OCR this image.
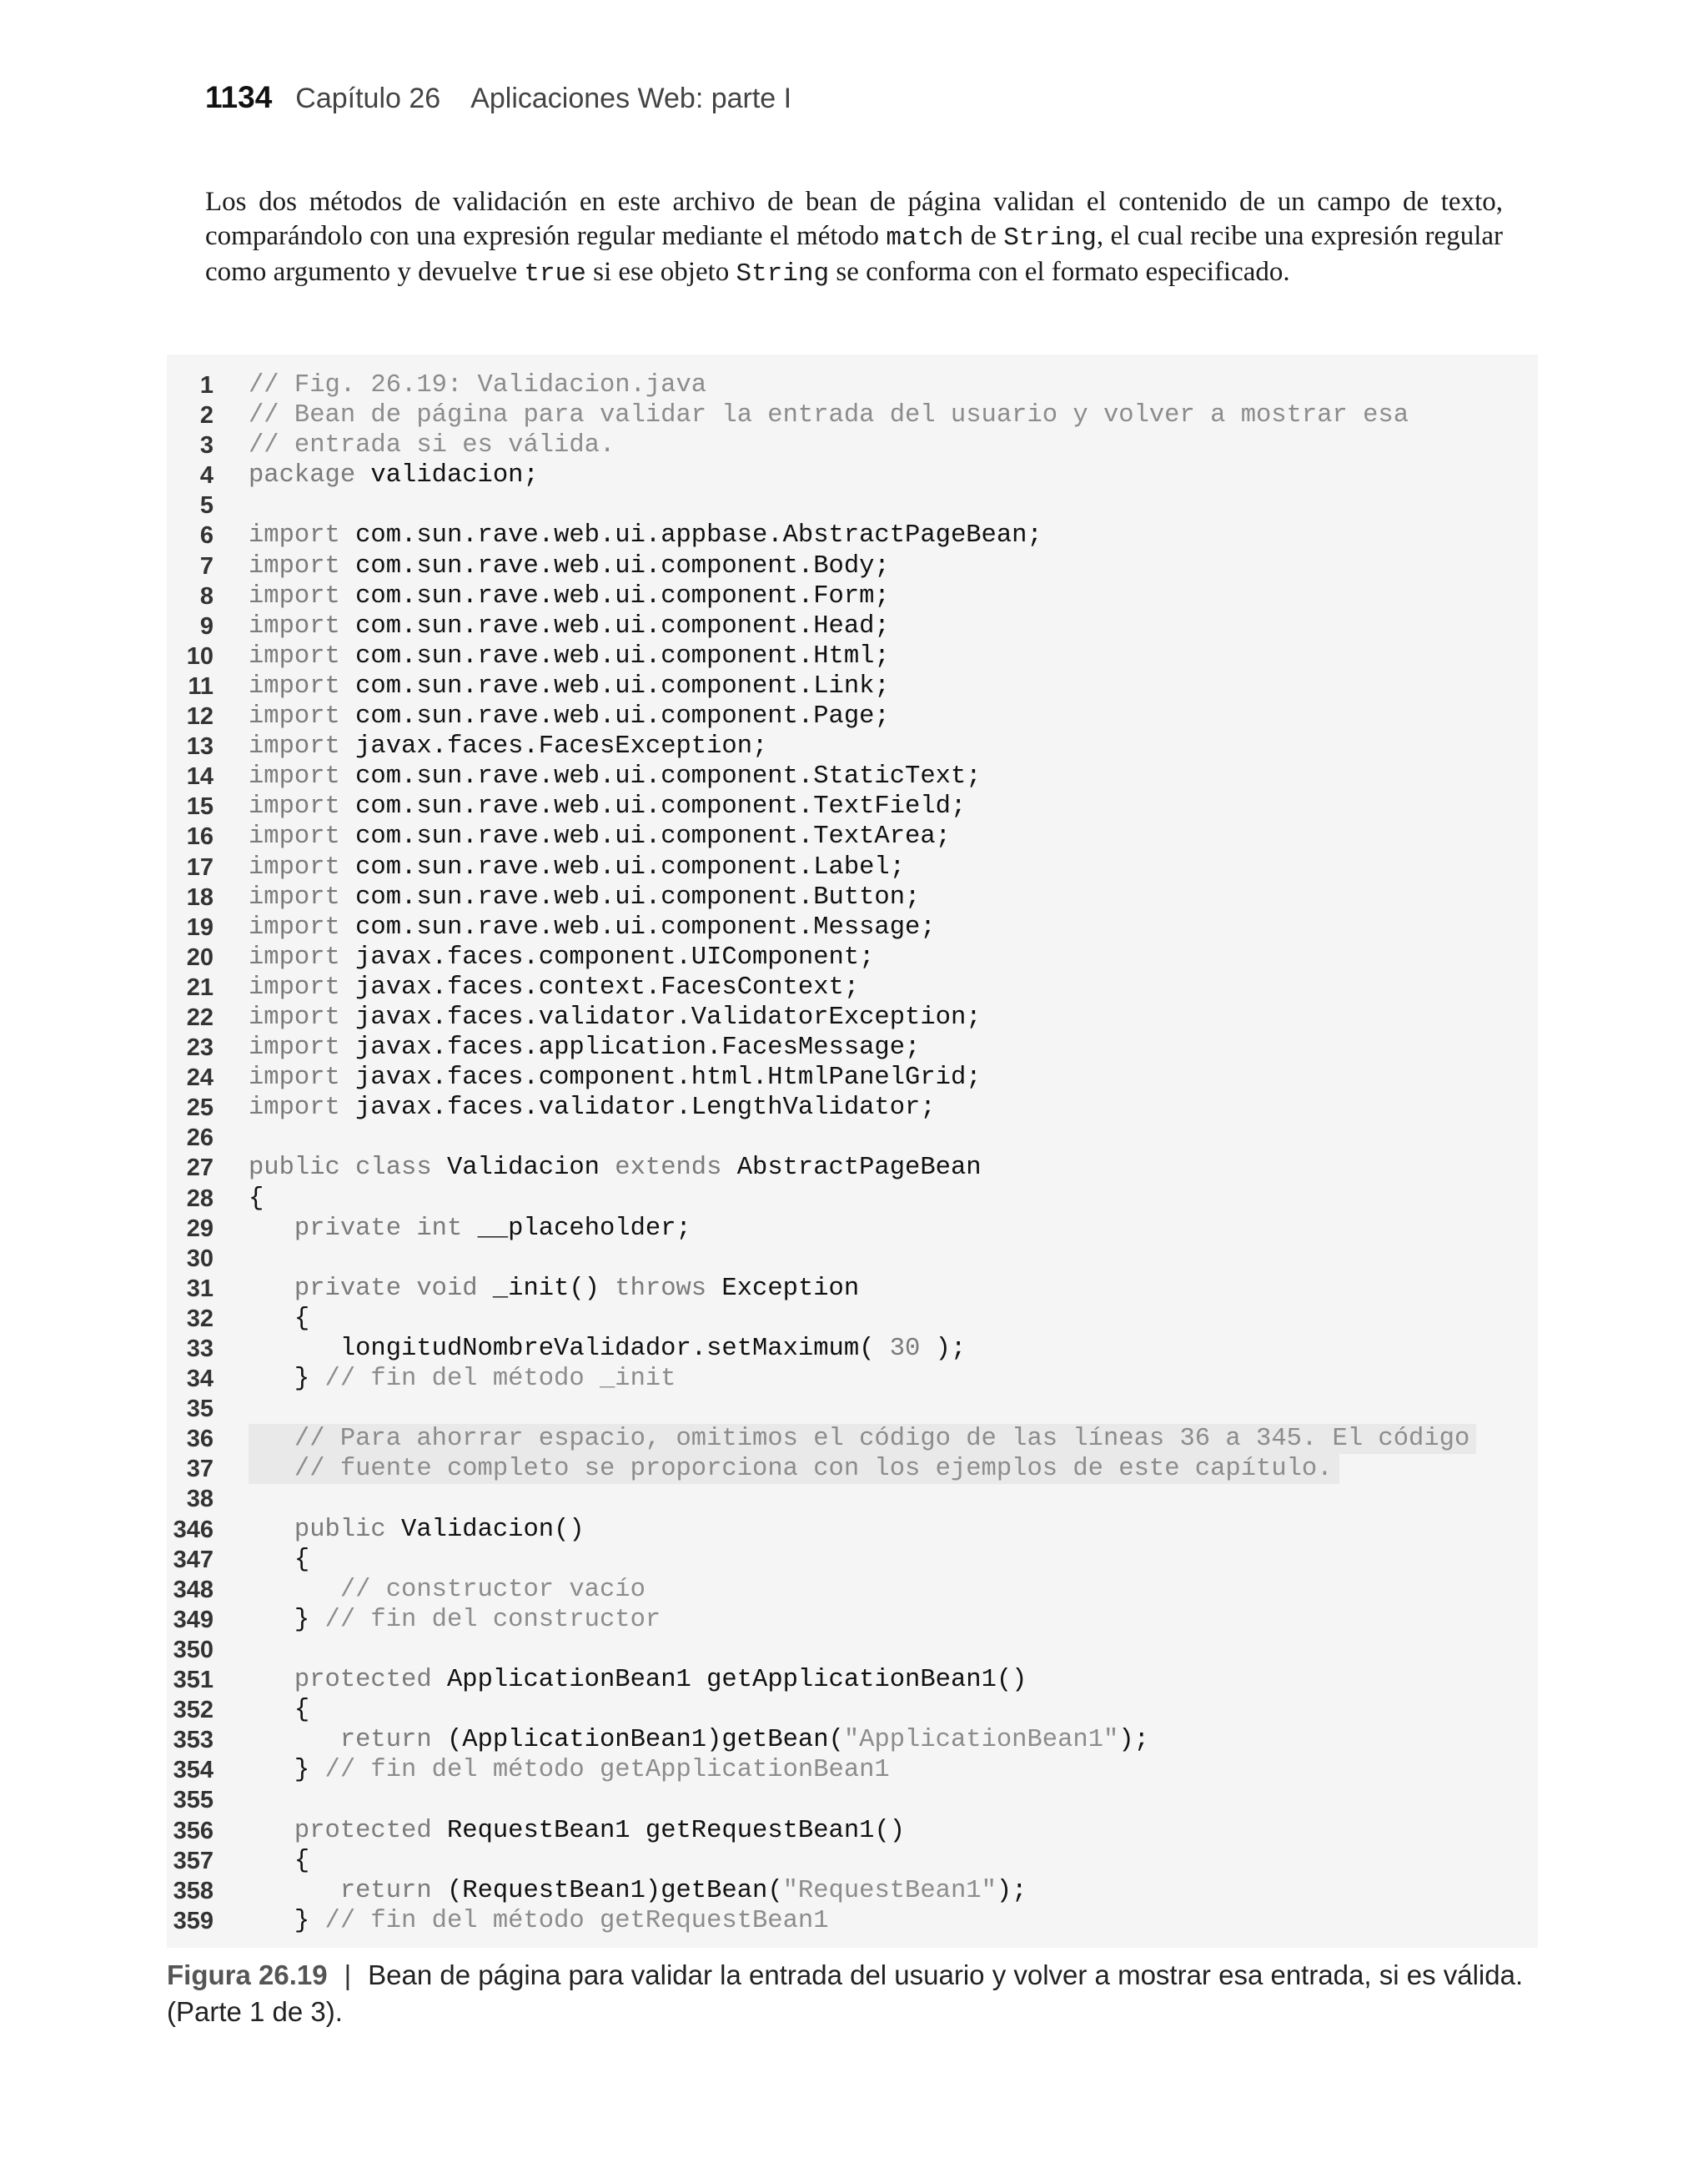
1134 Capítulo 26 Aplicaciones Web: parte I

Los dos métodos de validación en este archivo de bean de página validan el contenido de un campo de texto, comparándolo con una expresión regular mediante el método match de String, el cual recibe una expresión regular como argumento y devuelve true si ese objeto String se conforma con el formato especificado.

1 // Fig. 26.19: Validacion.java
2 // Bean de página para validar la entrada del usuario y volver a mostrar esa
3 // entrada si es válida.
4 package validacion;
5
6 import com.sun.rave.web.ui.appbase.AbstractPageBean;
7 import com.sun.rave.web.ui.component.Body;
8 import com.sun.rave.web.ui.component.Form;
9 import com.sun.rave.web.ui.component.Head;
10 import com.sun.rave.web.ui.component.Html;
11 import com.sun.rave.web.ui.component.Link;
12 import com.sun.rave.web.ui.component.Page;
13 import javax.faces.FacesException;
14 import com.sun.rave.web.ui.component.StaticText;
15 import com.sun.rave.web.ui.component.TextField;
16 import com.sun.rave.web.ui.component.TextArea;
17 import com.sun.rave.web.ui.component.Label;
18 import com.sun.rave.web.ui.component.Button;
19 import com.sun.rave.web.ui.component.Message;
20 import javax.faces.component.UIComponent;
21 import javax.faces.context.FacesContext;
22 import javax.faces.validator.ValidatorException;
23 import javax.faces.application.FacesMessage;
24 import javax.faces.component.html.HtmlPanelGrid;
25 import javax.faces.validator.LengthValidator;
26
27 public class Validacion extends AbstractPageBean
28 {
29	private int __placeholder;
30
31	private void _init() throws Exception
32 {
33 longitudNombreValidador.setMaximum( 30 );
34 } // fin del método _init
35
36	// Para ahorrar espacio, omitimos el código de las líneas 36 a 345. El código
37	// fuente completo se proporciona con los ejemplos de este capítulo.
38
346	public Validacion()
347 {
348	// constructor vacío
349 } // fin del constructor
350
351	protected ApplicationBean1 getApplicationBean1()
352 {
353	return (ApplicationBean1)getBean("ApplicationBean1");
354 } // fin del método getApplicationBean1
355
356	protected RequestBean1 getRequestBean1()
357 {
358	return (RequestBean1)getBean("RequestBean1");
359 } // fin del método getRequestBean1
Figura 26.19 | Bean de página para validar la entrada del usuario y volver a mostrar esa entrada, si es válida. (Parte 1 de 3).
